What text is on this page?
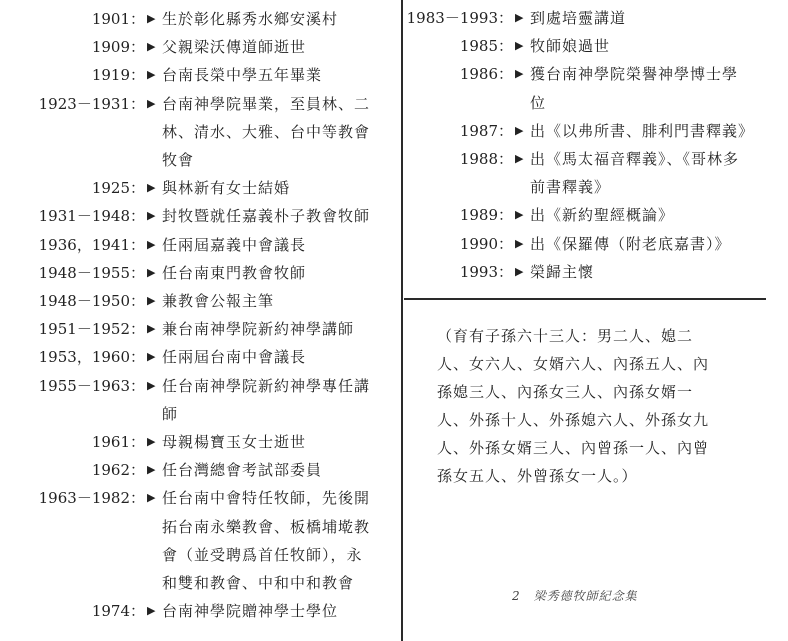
1901： ▶ 生於彰化縣秀水鄉安溪村
1909： ▶ 父親梁沃傳道師逝世
1919： ▶ 台南長榮中學五年畢業
1923－1931： ▶ 台南神學院畢業，至員林、二
林、清水、大雅、台中等教會
牧會
1925： ▶ 與林新有女士結婚
1931－1948： ▶ 封牧暨就任嘉義朴子教會牧師
1936，1941： ▶ 任兩屆嘉義中會議長
1948－1955： ▶ 任台南東門教會牧師
1948－1950： ▶ 兼教會公報主筆
1951－1952： ▶ 兼台南神學院新約神學講師
1953，1960： ▶ 任兩屆台南中會議長
1955－1963： ▶ 任台南神學院新約神學專任講
師
1961： ▶ 母親楊寶玉女士逝世
1962： ▶ 任台灣總會考試部委員
1963－1982： ▶ 任台南中會特任牧師，先後開
拓台南永樂教會、板橋埔墘教
會（並受聘爲首任牧師），永
和雙和教會、中和中和教會
1974： ▶ 台南神學院贈神學士學位
1983－1993： ▶ 到處培靈講道
1985： ▶ 牧師娘過世
1986： ▶ 獲台南神學院榮譽神學博士學
位
1987： ▶ 出《以弗所書、腓利門書釋義》
1988： ▶ 出《馬太福音釋義》、《哥林多
前書釋義》
1989： ▶ 出《新約聖經概論》
1990： ▶ 出《保羅傳（附老底嘉書）》
1993： ▶ 榮歸主懷
（育有子孫六十三人：男二人、媳二
人、女六人、女婿六人、內孫五人、內
孫媳三人、內孫女三人、內孫女婿一
人、外孫十人、外孫媳六人、外孫女九
人、外孫女婿三人、內曾孫一人、內曾
孫女五人、外曾孫女一人。）
2　梁秀德牧師紀念集
